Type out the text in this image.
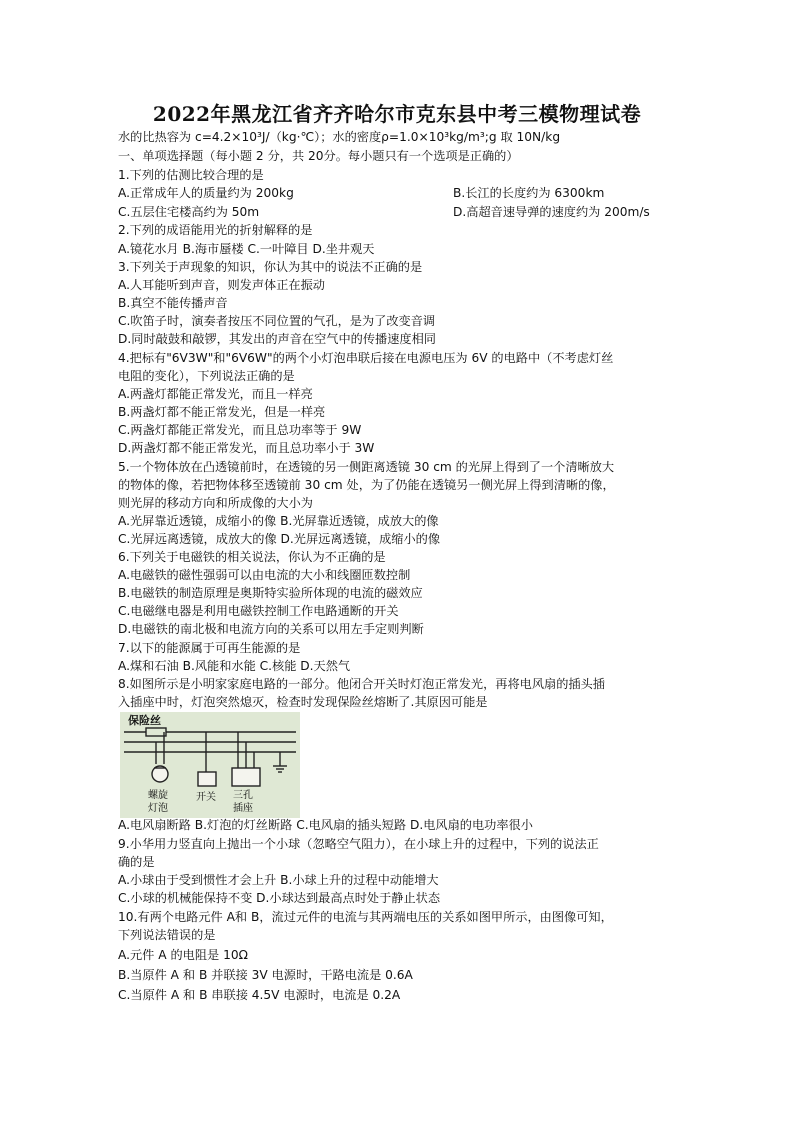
2022年黑龙江省齐齐哈尔市克东县中考三模物理试卷
水的比热容为 c=4.2×10³J/（kg·℃）；水的密度ρ=1.0×10³kg/m³;g 取 10N/kg
一、单项选择题（每小题 2 分，共 20分。每小题只有一个选项是正确的）
1.下列的估测比较合理的是
A.正常成年人的质量约为 200kg	B.长江的长度约为 6300km
C.五层住宅楼高约为 50m	D.高超音速导弹的速度约为 200m/s
2.下列的成语能用光的折射解释的是
A.镜花水月 B.海市蜃楼 C.一叶障目 D.坐井观天
3.下列关于声现象的知识，你认为其中的说法不正确的是
A.人耳能听到声音，则发声体正在振动
B.真空不能传播声音
C.吹笛子时，演奏者按压不同位置的气孔，是为了改变音调
D.同时敲鼓和敲锣，其发出的声音在空气中的传播速度相同
4.把标有"6V3W"和"6V6W"的两个小灯泡串联后接在电源电压为 6V 的电路中（不考虑灯丝
电阻的变化），下列说法正确的是
A.两盏灯都能正常发光，而且一样亮
B.两盏灯都不能正常发光，但是一样亮
C.两盏灯都能正常发光，而且总功率等于 9W
D.两盏灯都不能正常发光，而且总功率小于 3W
5.一个物体放在凸透镜前时，在透镜的另一侧距离透镜 30 cm 的光屏上得到了一个清晰放大
的物体的像，若把物体移至透镜前 30 cm 处，为了仍能在透镜另一侧光屏上得到清晰的像，
则光屏的移动方向和所成像的大小为
A.光屏靠近透镜，成缩小的像 B.光屏靠近透镜，成放大的像
C.光屏远离透镜，成放大的像 D.光屏远离透镜，成缩小的像
6.下列关于电磁铁的相关说法，你认为不正确的是
A.电磁铁的磁性强弱可以由电流的大小和线圈匝数控制
B.电磁铁的制造原理是奥斯特实验所体现的电流的磁效应
C.电磁继电器是利用电磁铁控制工作电路通断的开关
D.电磁铁的南北极和电流方向的关系可以用左手定则判断
7.以下的能源属于可再生能源的是
A.煤和石油 B.风能和水能 C.核能 D.天然气
8.如图所示是小明家家庭电路的一部分。他闭合开关时灯泡正常发光，再将电风扇的插头插
入插座中时，灯泡突然熄灭，检查时发现保险丝熔断了.其原因可能是
保险丝
螺旋
灯泡
开关 三孔
插座
A.电风扇断路 B.灯泡的灯丝断路 C.电风扇的插头短路 D.电风扇的电功率很小
9.小华用力竖直向上抛出一个小球（忽略空气阻力），在小球上升的过程中，下列的说法正
确的是
A.小球由于受到惯性才会上升 B.小球上升的过程中动能增大
C.小球的机械能保持不变 D.小球达到最高点时处于静止状态
10.有两个电路元件 A和 B，流过元件的电流与其两端电压的关系如图甲所示，由图像可知，
下列说法错误的是
A.元件 A 的电阻是 10Ω
B.当原件 A 和 B 并联接 3V 电源时，干路电流是 0.6A
C.当原件 A 和 B 串联接 4.5V 电源时，电流是 0.2A
